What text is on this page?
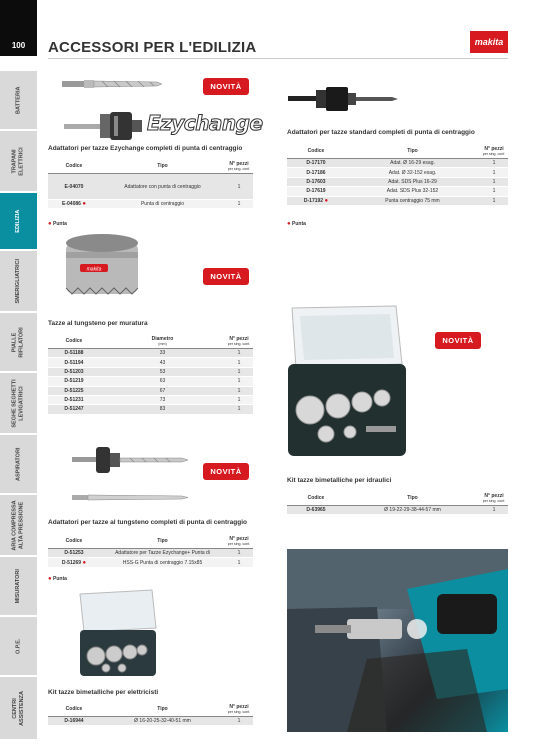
100
BATTERIA
TRAPANI
ELETTRICI
EDILIZIA
SMERIGLIATRICI
PIALLE
RIFILATORI
SEGHE SEGHETTI
LEVIGATRICI
ASPIRATORI
ARIA COMPRESSA
ALTA PRESSIONE
MISURATORI
O.P.E.
CENTRI
ASSISTENZA
ACCESSORI PER L'EDILIZIA	makita
NOVITÀ
Ezychange
Adattatori per tazze Ezychange completi di punta di centraggio
Codice	Tipo	N° pezzi
per sing. conf.

E-04070	Adattatore con punta di centraggio	1
E-04086 ●	Punta di centraggio	1
● Punta
makita
NOVITÀ
Tazze al tungsteno per muratura
Codice	Diametro
(mm)	N° pezzi
per sing. conf.

D-51188	33	1
D-51194	43	1
D-51203	53	1
D-51219	63	1
D-51225	67	1
D-51231	73	1
D-51247	83	1
NOVITÀ
Adattatori per tazze al tungsteno completi di punta di centraggio
Codice	Tipo	N° pezzi
per sing. conf.

D-51253	Adattatore per Tazze Ezychange+ Punta di	1
D-51269 ●	HSS-G Punta di centraggio 7.15x85	1
● Punta
Kit tazze bimetalliche per elettricisti
Codice	Tipo	N° pezzi
per sing. conf.

D-16944	Ø 16-20-25-32-40-51 mm	1
Adattatori per tazze standard completi di punta di centraggio
Codice	Tipo	N° pezzi
per sing. conf.

D-17170	Adat. Ø 16-29 esag.	1
D-17186	Adat. Ø 32-152 esag.	1
D-17603	Adat. SDS Plus 16-29	1
D-17619	Adat. SDS Plus 32-152	1
D-17192 ●	Punta centraggio 75 mm	1
● Punta
NOVITÀ
Kit tazze bimetalliche per idraulici
Codice	Tipo	N° pezzi
per sing. conf.

D-63965	Ø 19-22-29-38-44-57 mm	1
